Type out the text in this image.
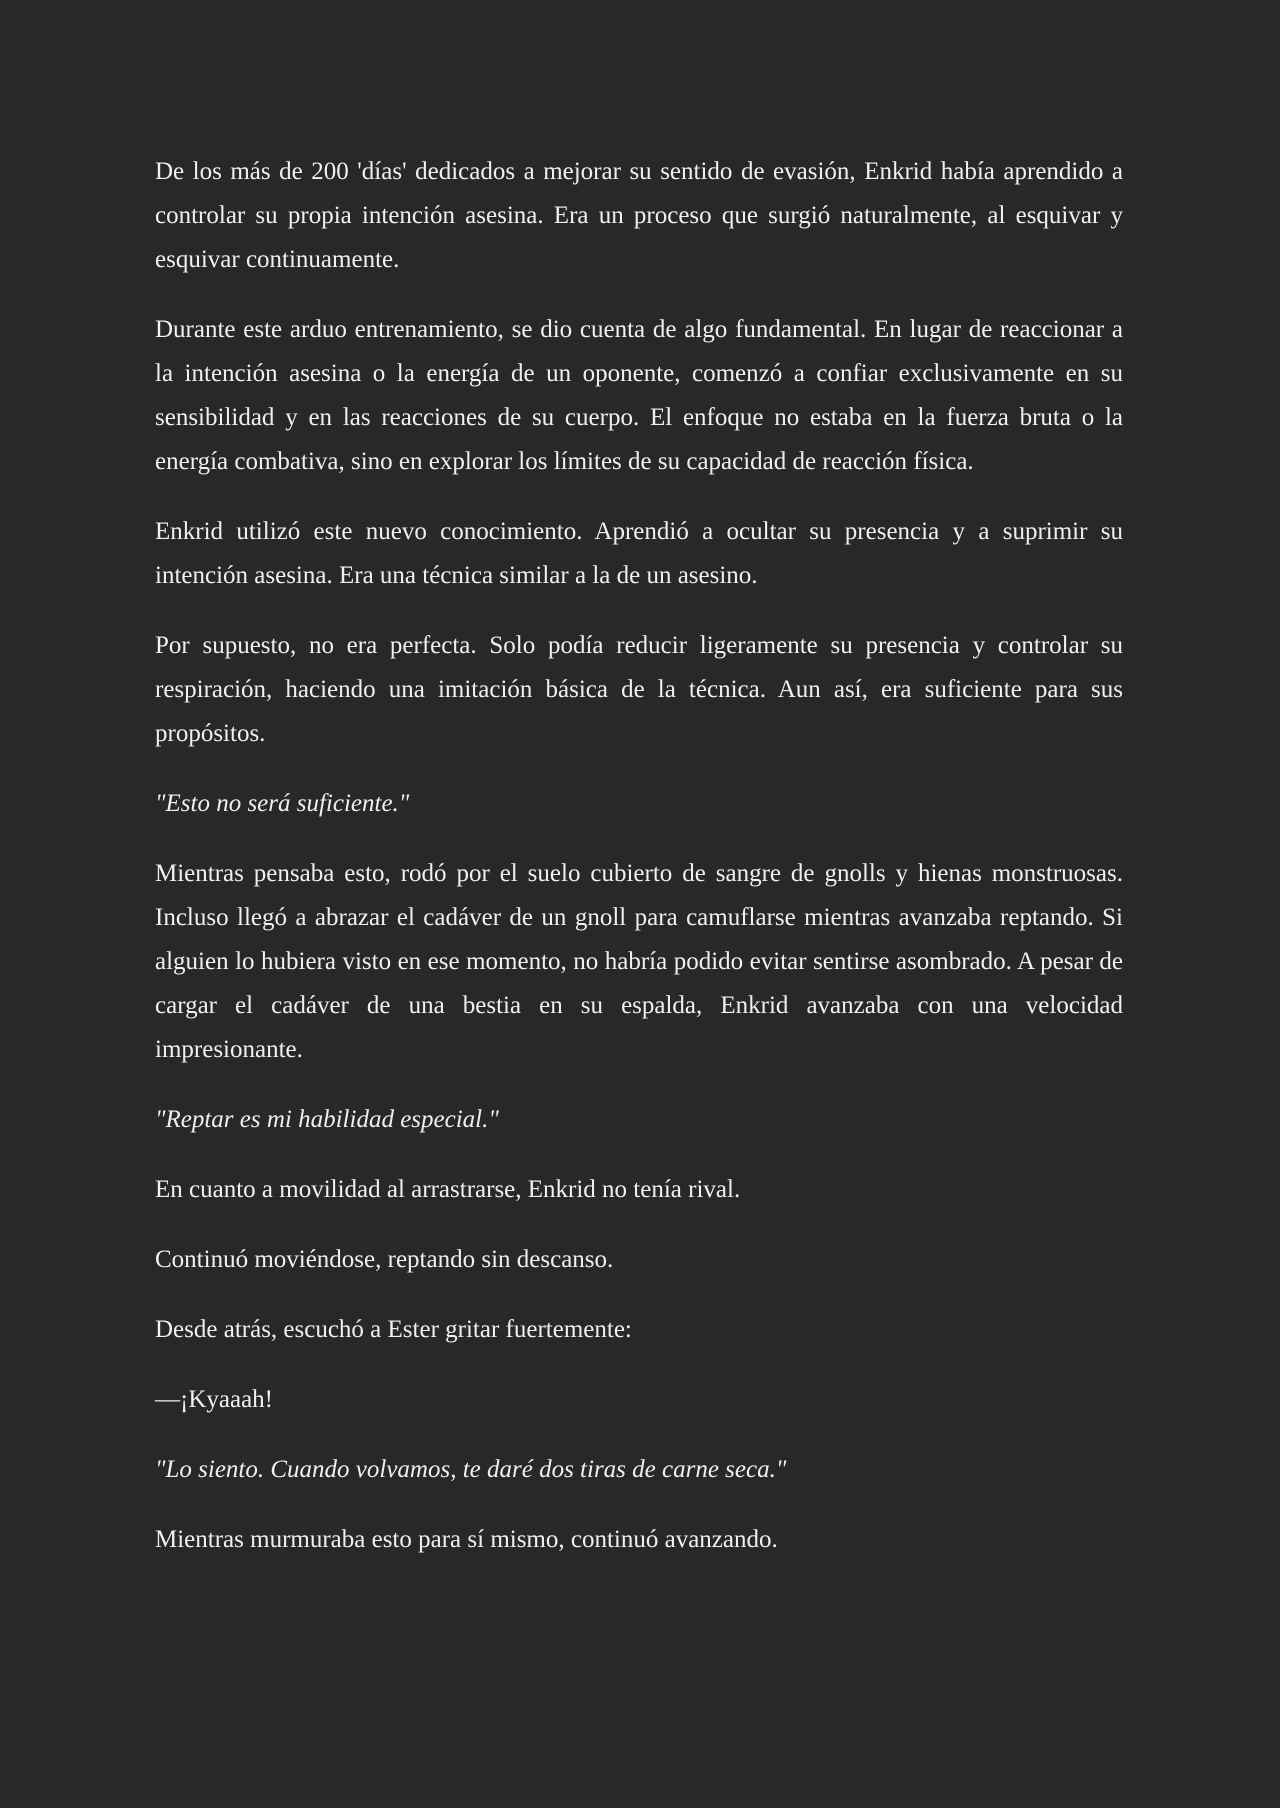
De los más de 200 'días' dedicados a mejorar su sentido de evasión, Enkrid había aprendido a controlar su propia intención asesina. Era un proceso que surgió naturalmente, al esquivar y esquivar continuamente.

Durante este arduo entrenamiento, se dio cuenta de algo fundamental. En lugar de reaccionar a la intención asesina o la energía de un oponente, comenzó a confiar exclusivamente en su sensibilidad y en las reacciones de su cuerpo. El enfoque no estaba en la fuerza bruta o la energía combativa, sino en explorar los límites de su capacidad de reacción física.

Enkrid utilizó este nuevo conocimiento. Aprendió a ocultar su presencia y a suprimir su intención asesina. Era una técnica similar a la de un asesino.

Por supuesto, no era perfecta. Solo podía reducir ligeramente su presencia y controlar su respiración, haciendo una imitación básica de la técnica. Aun así, era suficiente para sus propósitos.

"Esto no será suficiente."

Mientras pensaba esto, rodó por el suelo cubierto de sangre de gnolls y hienas monstruosas. Incluso llegó a abrazar el cadáver de un gnoll para camuflarse mientras avanzaba reptando. Si alguien lo hubiera visto en ese momento, no habría podido evitar sentirse asombrado. A pesar de cargar el cadáver de una bestia en su espalda, Enkrid avanzaba con una velocidad impresionante.

"Reptar es mi habilidad especial."

En cuanto a movilidad al arrastrarse, Enkrid no tenía rival.

Continuó moviéndose, reptando sin descanso.

Desde atrás, escuchó a Ester gritar fuertemente:

—¡Kyaaah!

"Lo siento. Cuando volvamos, te daré dos tiras de carne seca."

Mientras murmuraba esto para sí mismo, continuó avanzando.
